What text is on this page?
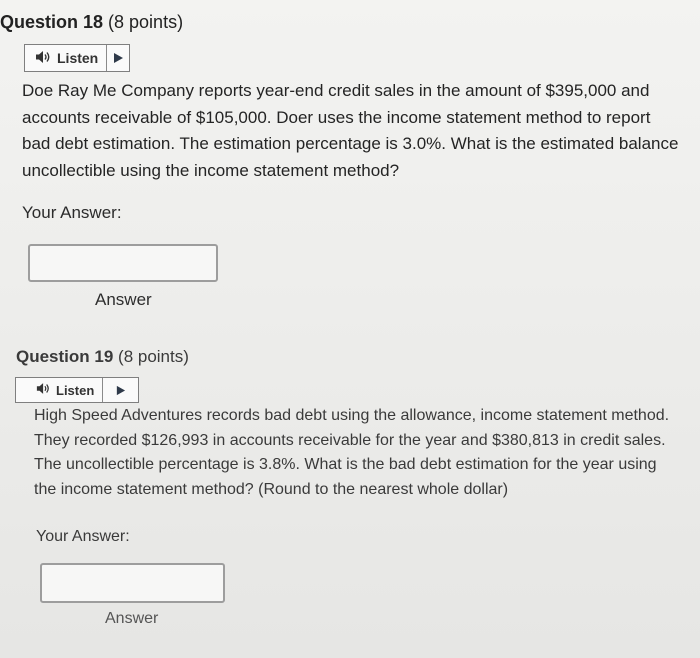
Question 18 (8 points)
Listen
Doe Ray Me Company reports year-end credit sales in the amount of $395,000 and accounts receivable of $105,000. Doer uses the income statement method to report bad debt estimation. The estimation percentage is 3.0%. What is the estimated balance uncollectible using the income statement method?
Your Answer:
Answer
Question 19 (8 points)
Listen
High Speed Adventures records bad debt using the allowance, income statement method. They recorded $126,993 in accounts receivable for the year and $380,813 in credit sales. The uncollectible percentage is 3.8%. What is the bad debt estimation for the year using the income statement method? (Round to the nearest whole dollar)
Your Answer:
Answer
